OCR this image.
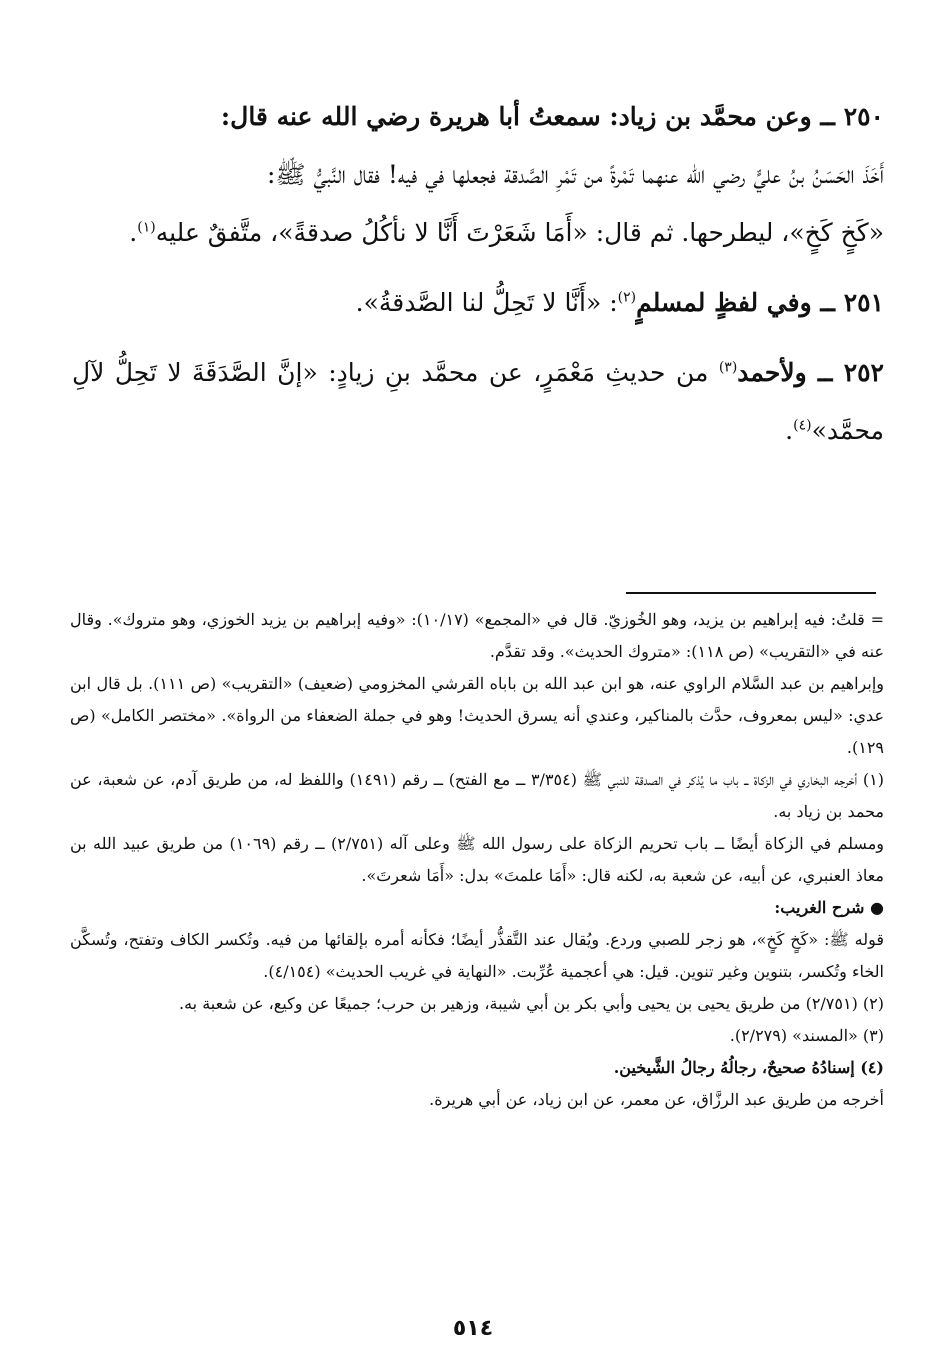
٢٥٠ ــ وعن محمَّد بن زياد: سمعتُ أبا هريرة رضي الله عنه قال:
أَخَذَ الحَسَنُ بنُ عليٍّ رضي الله عنهما تَمْرةً من تَمْرِ الصَّدقة فجعلها في فيه! فقال النَّبيُّ ﷺ:
«كَخٍ كَخٍ»، ليطرحها. ثم قال: «أَمَا شَعَرْتَ أَنَّا لا نأكُلُ صدقةً»، متَّفقٌ عليه$^{(١)}$.

٢٥١ ــ وفي لفظٍ لمسلمٍ$^{(٢)}$: «أَنَّا لا تَحِلُّ لنا الصَّدقةُ».

٢٥٢ ــ ولأحمد$^{(٣)}$ من حديثِ مَعْمَرٍ، عن محمَّد بنِ زيادٍ: «إنَّ الصَّدَقَةَ لا تَحِلُّ لآلِ محمَّد»$^{(٤)}$.

= قلتُ: فيه إبراهيم بن يزيد، وهو الخُوزيّ. قال في «المجمع» (١٠/١٧): «وفيه إبراهيم بن يزيد الخوزي، وهو متروك». وقال عنه في «التقريب» (ص ١١٨): «متروك الحديث». وقد تقدَّم.

وإبراهيم بن عبد السَّلام الراوي عنه، هو ابن عبد الله بن باباه القرشي المخزومي (ضعيف) «التقريب» (ص ١١١). بل قال ابن عدي: «ليس بمعروف، حدَّث بالمناكير، وعندي أنه يسرق الحديث! وهو في جملة الضعفاء من الرواة». «مختصر الكامل» (ص ١٢٩).

(١) أخرجه البخاري في الزكاة ــ باب ما يُذكر في الصدقة للنبي ﷺ (٣/٣٥٤ ــ مع الفتح) ــ رقم (١٤٩١) واللفظ له، من طريق آدم، عن شعبة، عن محمد بن زياد به.

ومسلم في الزكاة أيضًا ــ باب تحريم الزكاة على رسول الله ﷺ وعلى آله (٢/٧٥١) ــ رقم (١٠٦٩) من طريق عبيد الله بن معاذ العنبري، عن أبيه، عن شعبة به، لكنه قال: «أَمَا علمتَ» بدل: «أَمَا شعرتَ».

● شرح الغريب:

قوله ﷺ: «كَخٍ كَخٍ»، هو زجر للصبي وردع. ويُقال عند التَّقذُّر أيضًا؛ فكأنه أمره بإلقائها من فيه. وتُكسر الكاف وتفتح، وتُسكَّن الخاء وتُكسر، بتنوين وغير تنوين. قيل: هي أعجمية عُرِّبت. «النهاية في غريب الحديث» (٤/١٥٤).

(٢) (٢/٧٥١) من طريق يحيى بن يحيى وأبي بكر بن أبي شيبة، وزهير بن حرب؛ جميعًا عن وكيع، عن شعبة به.

(٣) «المسند» (٢/٢٧٩).

(٤) إسنادُهُ صحيحٌ، رجالُهُ رجالُ الشَّيخين.

أخرجه من طريق عبد الرزَّاق، عن معمر، عن ابن زياد، عن أبي هريرة.

٥١٤
